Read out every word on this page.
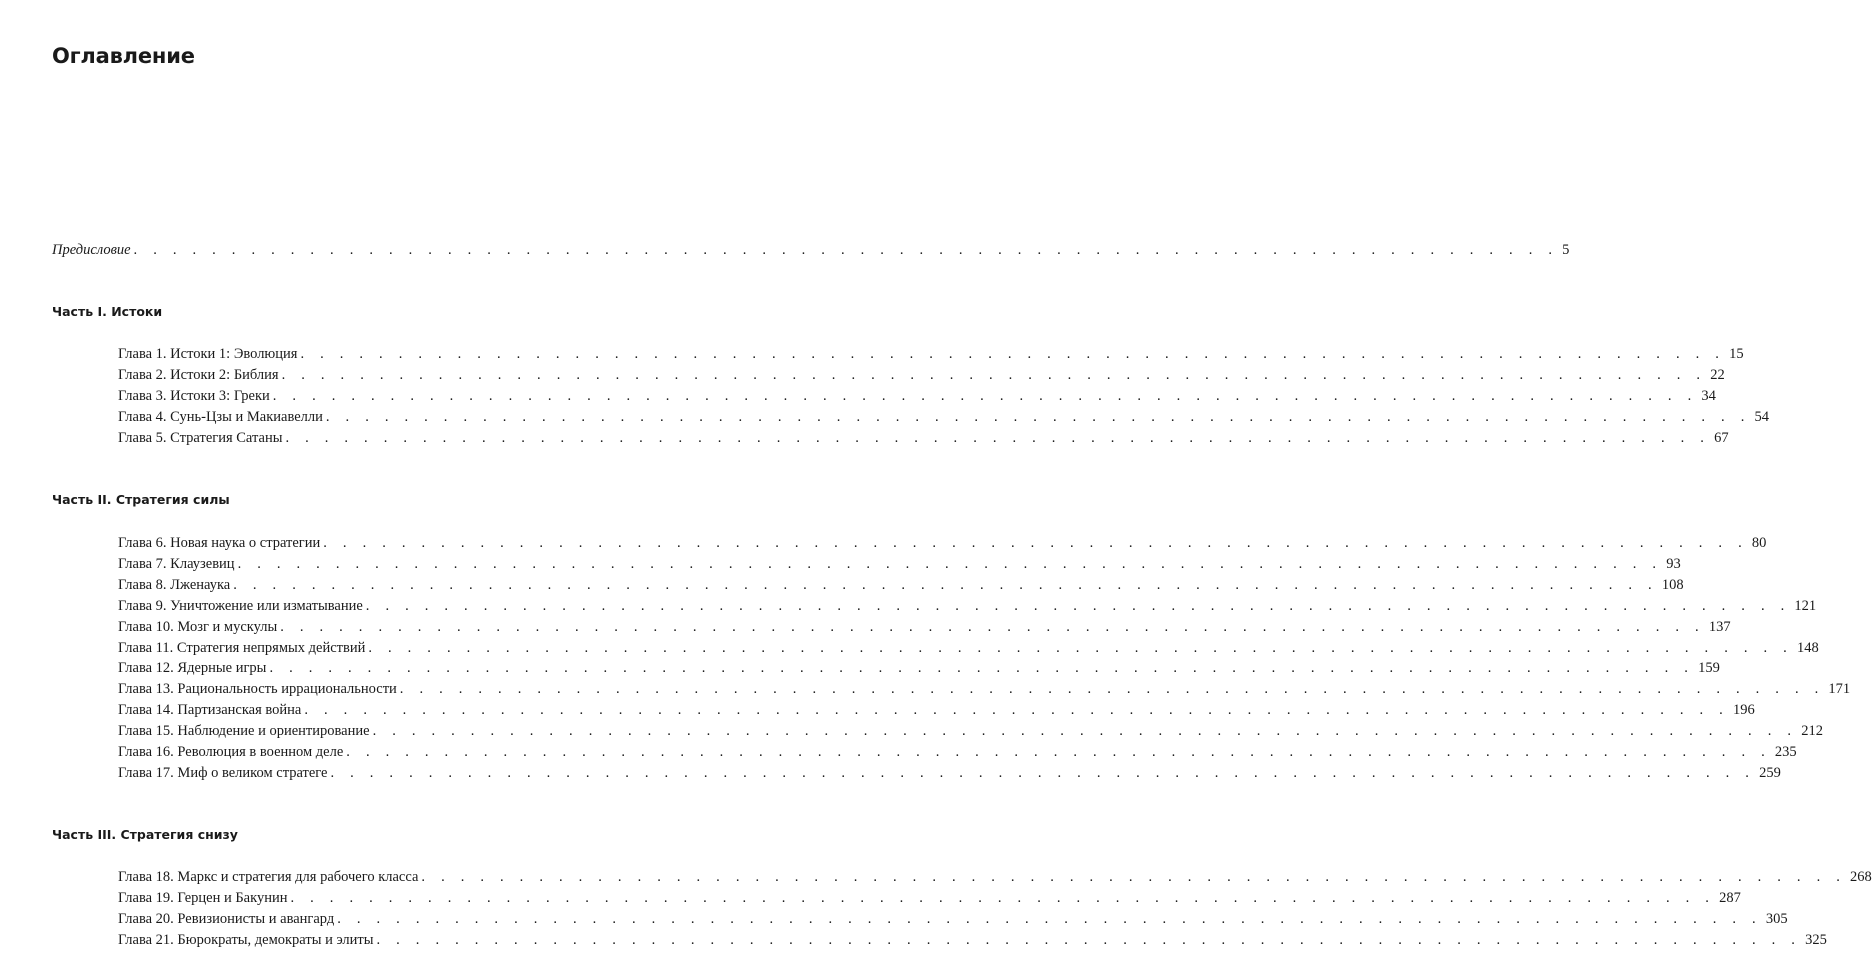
Оглавление
Предисловие . . . . . . . . . . . . . . . . . . . . . . . . . . . . . . . . . . . . . . . . . . . . . . . . . . . . . . . . . . . . . . . . . . . . . . . . . 5
Часть I. Истоки
Глава 1. Истоки 1: Эволюция . . . . . . . . . . . . . . . . . . . . . . . . . . . . . . . . . . . . . . . . . . . . . . . . . . . . . . . . . . . . . . . . . . . . . . . . . 15
Глава 2. Истоки 2: Библия . . . . . . . . . . . . . . . . . . . . . . . . . . . . . . . . . . . . . . . . . . . . . . . . . . . . . . . . . . . . . . . . . . . . . . . . . 22
Глава 3. Истоки 3: Греки . . . . . . . . . . . . . . . . . . . . . . . . . . . . . . . . . . . . . . . . . . . . . . . . . . . . . . . . . . . . . . . . . . . . . . . . . 34
Глава 4. Сунь-Цзы и Макиавелли . . . . . . . . . . . . . . . . . . . . . . . . . . . . . . . . . . . . . . . . . . . . . . . . . . . . . . . . . . . . . . . . . . . . . . . . . 54
Глава 5. Стратегия Сатаны . . . . . . . . . . . . . . . . . . . . . . . . . . . . . . . . . . . . . . . . . . . . . . . . . . . . . . . . . . . . . . . . . . . . . . . . . 67
Часть II. Стратегия силы
Глава 6. Новая наука о стратегии . . . . . . . . . . . . . . . . . . . . . . . . . . . . . . . . . . . . . . . . . . . . . . . . . . . . . . . . . . . . . . . . . . . . . . . . . 80
Глава 7. Клаузевиц . . . . . . . . . . . . . . . . . . . . . . . . . . . . . . . . . . . . . . . . . . . . . . . . . . . . . . . . . . . . . . . . . . . . . . . . . 93
Глава 8. Лженаука . . . . . . . . . . . . . . . . . . . . . . . . . . . . . . . . . . . . . . . . . . . . . . . . . . . . . . . . . . . . . . . . . . . . . . . . . 108
Глава 9. Уничтожение или изматывание . . . . . . . . . . . . . . . . . . . . . . . . . . . . . . . . . . . . . . . . . . . . . . . . . . . . . . . . . . . . . . . . . . . . . . . . . 121
Глава 10. Мозг и мускулы . . . . . . . . . . . . . . . . . . . . . . . . . . . . . . . . . . . . . . . . . . . . . . . . . . . . . . . . . . . . . . . . . . . . . . . . . 137
Глава 11. Стратегия непрямых действий . . . . . . . . . . . . . . . . . . . . . . . . . . . . . . . . . . . . . . . . . . . . . . . . . . . . . . . . . . . . . . . . . . . . . . . . . 148
Глава 12. Ядерные игры . . . . . . . . . . . . . . . . . . . . . . . . . . . . . . . . . . . . . . . . . . . . . . . . . . . . . . . . . . . . . . . . . . . . . . . . . 159
Глава 13. Рациональность иррациональности . . . . . . . . . . . . . . . . . . . . . . . . . . . . . . . . . . . . . . . . . . . . . . . . . . . . . . . . . . . . . . . . . . . . . . . . . 171
Глава 14. Партизанская война . . . . . . . . . . . . . . . . . . . . . . . . . . . . . . . . . . . . . . . . . . . . . . . . . . . . . . . . . . . . . . . . . . . . . . . . . 196
Глава 15. Наблюдение и ориентирование . . . . . . . . . . . . . . . . . . . . . . . . . . . . . . . . . . . . . . . . . . . . . . . . . . . . . . . . . . . . . . . . . . . . . . . . . 212
Глава 16. Революция в военном деле . . . . . . . . . . . . . . . . . . . . . . . . . . . . . . . . . . . . . . . . . . . . . . . . . . . . . . . . . . . . . . . . . . . . . . . . . 235
Глава 17. Миф о великом стратеге . . . . . . . . . . . . . . . . . . . . . . . . . . . . . . . . . . . . . . . . . . . . . . . . . . . . . . . . . . . . . . . . . . . . . . . . . 259
Часть III. Стратегия снизу
Глава 18. Маркс и стратегия для рабочего класса . . . . . . . . . . . . . . . . . . . . . . . . . . . . . . . . . . . . . . . . . . . . . . . . . . . . . . . . . . . . . . . . . . . . . . . . . 268
Глава 19. Герцен и Бакунин . . . . . . . . . . . . . . . . . . . . . . . . . . . . . . . . . . . . . . . . . . . . . . . . . . . . . . . . . . . . . . . . . . . . . . . . . 287
Глава 20. Ревизионисты и авангард . . . . . . . . . . . . . . . . . . . . . . . . . . . . . . . . . . . . . . . . . . . . . . . . . . . . . . . . . . . . . . . . . . . . . . . . . 305
Глава 21. Бюрократы, демократы и элиты . . . . . . . . . . . . . . . . . . . . . . . . . . . . . . . . . . . . . . . . . . . . . . . . . . . . . . . . . . . . . . . . . . . . . . . . . 325
